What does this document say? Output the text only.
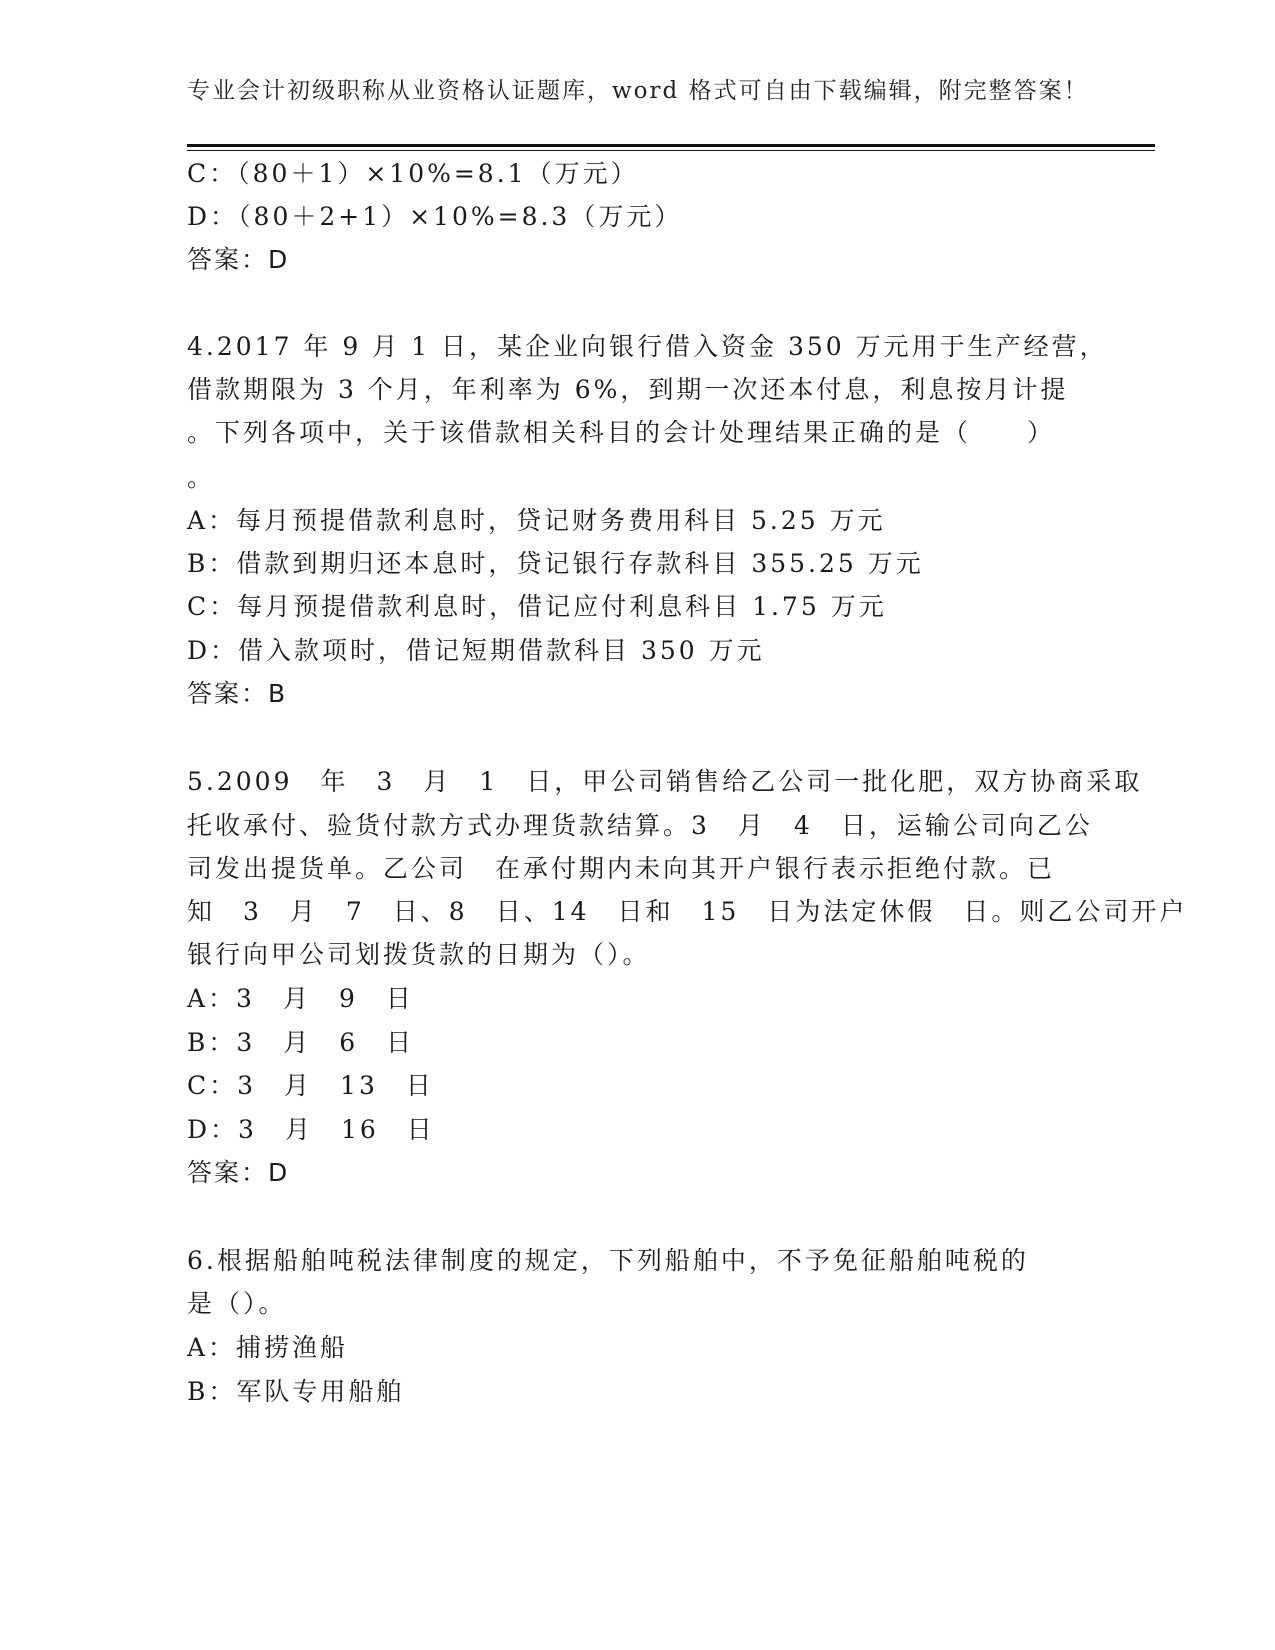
专业会计初级职称从业资格认证题库，word 格式可自由下载编辑，附完整答案！
C：（80＋1）×10%=8.1（万元）
D：（80＋2+1）×10%=8.3（万元）
答案：D
4.2017 年 9 月 1 日，某企业向银行借入资金 350 万元用于生产经营，
借款期限为 3 个月，年利率为 6%，到期一次还本付息，利息按月计提
。下列各项中，关于该借款相关科目的会计处理结果正确的是（　　）
。
A：每月预提借款利息时，贷记财务费用科目 5.25 万元
B：借款到期归还本息时，贷记银行存款科目 355.25 万元
C：每月预提借款利息时，借记应付利息科目 1.75 万元
D：借入款项时，借记短期借款科目 350 万元
答案：B
5.2009　年　3　月　1　日，甲公司销售给乙公司一批化肥，双方协商采取
托收承付、验货付款方式办理货款结算。3　月　4　日，运输公司向乙公
司发出提货单。乙公司　在承付期内未向其开户银行表示拒绝付款。已
知　3　月　7　日、8　日、14　日和　15　日为法定休假　日。则乙公司开户
银行向甲公司划拨货款的日期为（）。
A：3　月　9　日
B：3　月　6　日
C：3　月　13　日
D：3　月　16　日
答案：D
6.根据船舶吨税法律制度的规定，下列船舶中，不予免征船舶吨税的
是（）。
A：捕捞渔船
B：军队专用船舶
